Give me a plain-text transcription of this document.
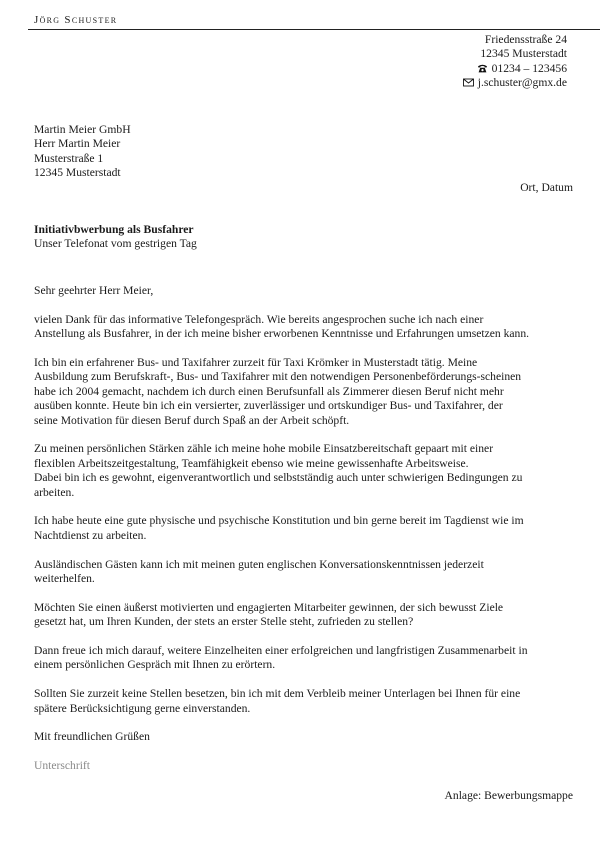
Jörg Schuster
Friedensstraße 24
12345 Musterstadt
01234 – 123456
j.schuster@gmx.de
Martin Meier GmbH
Herr Martin Meier
Musterstraße 1
12345 Musterstadt
Ort, Datum
Initiativbwerbung als Busfahrer
Unser Telefonat vom gestrigen Tag

Sehr geehrter Herr Meier,

vielen Dank für das informative Telefongespräch. Wie bereits angesprochen suche ich nach einer
Anstellung als Busfahrer, in der ich meine bisher erworbenen Kenntnisse und Erfahrungen umsetzen kann.

Ich bin ein erfahrener Bus- und Taxifahrer zurzeit für Taxi Krömker in Musterstadt tätig. Meine
Ausbildung zum Berufskraft-, Bus- und Taxifahrer mit den notwendigen Personenbeförderungs-scheinen
habe ich 2004 gemacht, nachdem ich durch einen Berufsunfall als Zimmerer diesen Beruf nicht mehr
ausüben konnte. Heute bin ich ein versierter, zuverlässiger und ortskundiger Bus- und Taxifahrer, der
seine Motivation für diesen Beruf durch Spaß an der Arbeit schöpft.

Zu meinen persönlichen Stärken zähle ich meine hohe mobile Einsatzbereitschaft gepaart mit einer
flexiblen Arbeitszeitgestaltung, Teamfähigkeit ebenso wie meine gewissenhafte Arbeitsweise.
Dabei bin ich es gewohnt, eigenverantwortlich und selbstständig auch unter schwierigen Bedingungen zu
arbeiten.

Ich habe heute eine gute physische und psychische Konstitution und bin gerne bereit im Tagdienst wie im
Nachtdienst zu arbeiten.

Ausländischen Gästen kann ich mit meinen guten englischen Konversationskenntnissen jederzeit
weiterhelfen.

Möchten Sie einen äußerst motivierten und engagierten Mitarbeiter gewinnen, der sich bewusst Ziele
gesetzt hat, um Ihren Kunden, der stets an erster Stelle steht, zufrieden zu stellen?

Dann freue ich mich darauf, weitere Einzelheiten einer erfolgreichen und langfristigen Zusammenarbeit in
einem persönlichen Gespräch mit Ihnen zu erörtern.

Sollten Sie zurzeit keine Stellen besetzen, bin ich mit dem Verbleib meiner Unterlagen bei Ihnen für eine
spätere Berücksichtigung gerne einverstanden.

Mit freundlichen Grüßen

Unterschrift

Anlage: Bewerbungsmappe
